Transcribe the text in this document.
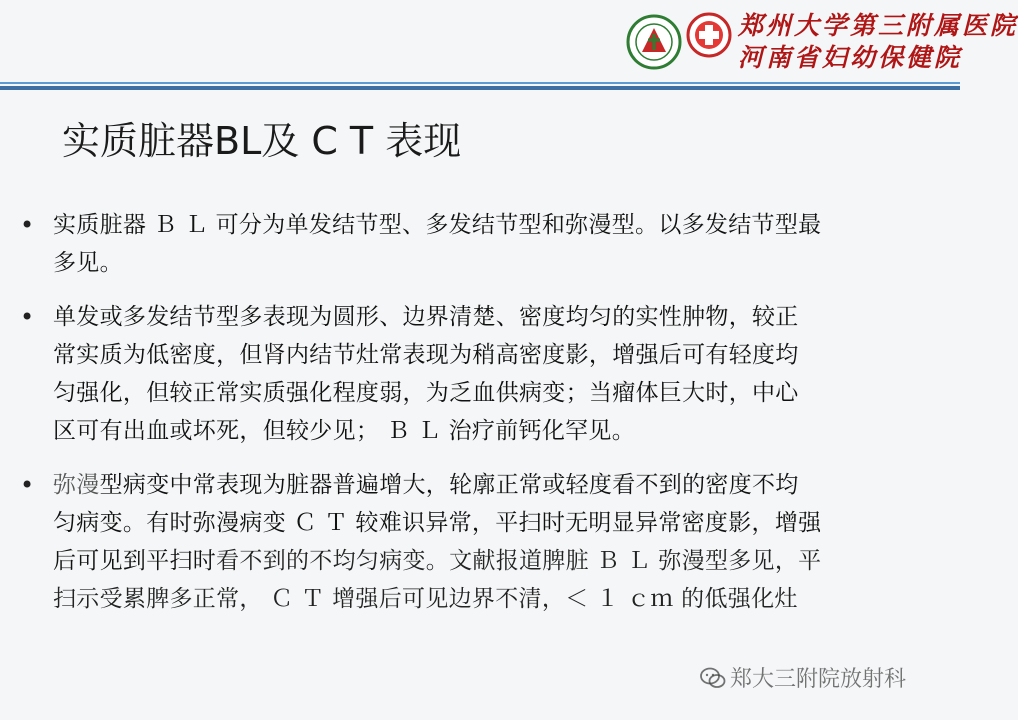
郑州大学第三附属医院
河南省妇幼保健院
实质脏器BL及 C T 表现
• 实质脏器 Ｂ Ｌ 可分为单发结节型、多发结节型和弥漫型。以多发结节型最
多见。
• 单发或多发结节型多表现为圆形、边界清楚、密度均匀的实性肿物，较正
常实质为低密度，但肾内结节灶常表现为稍高密度影，增强后可有轻度均
匀强化，但较正常实质强化程度弱，为乏血供病变；当瘤体巨大时，中心
区可有出血或坏死，但较少见； Ｂ Ｌ 治疗前钙化罕见。
• 弥漫型病变中常表现为脏器普遍增大，轮廓正常或轻度看不到的密度不均
匀病变。有时弥漫病变 Ｃ Ｔ 较难识异常，平扫时无明显异常密度影，增强
后可见到平扫时看不到的不均匀病变。文献报道脾脏 Ｂ Ｌ 弥漫型多见，平
扫示受累脾多正常， Ｃ Ｔ 增强后可见边界不清，＜ １ ｃｍ 的低强化灶
郑大三附院放射科
